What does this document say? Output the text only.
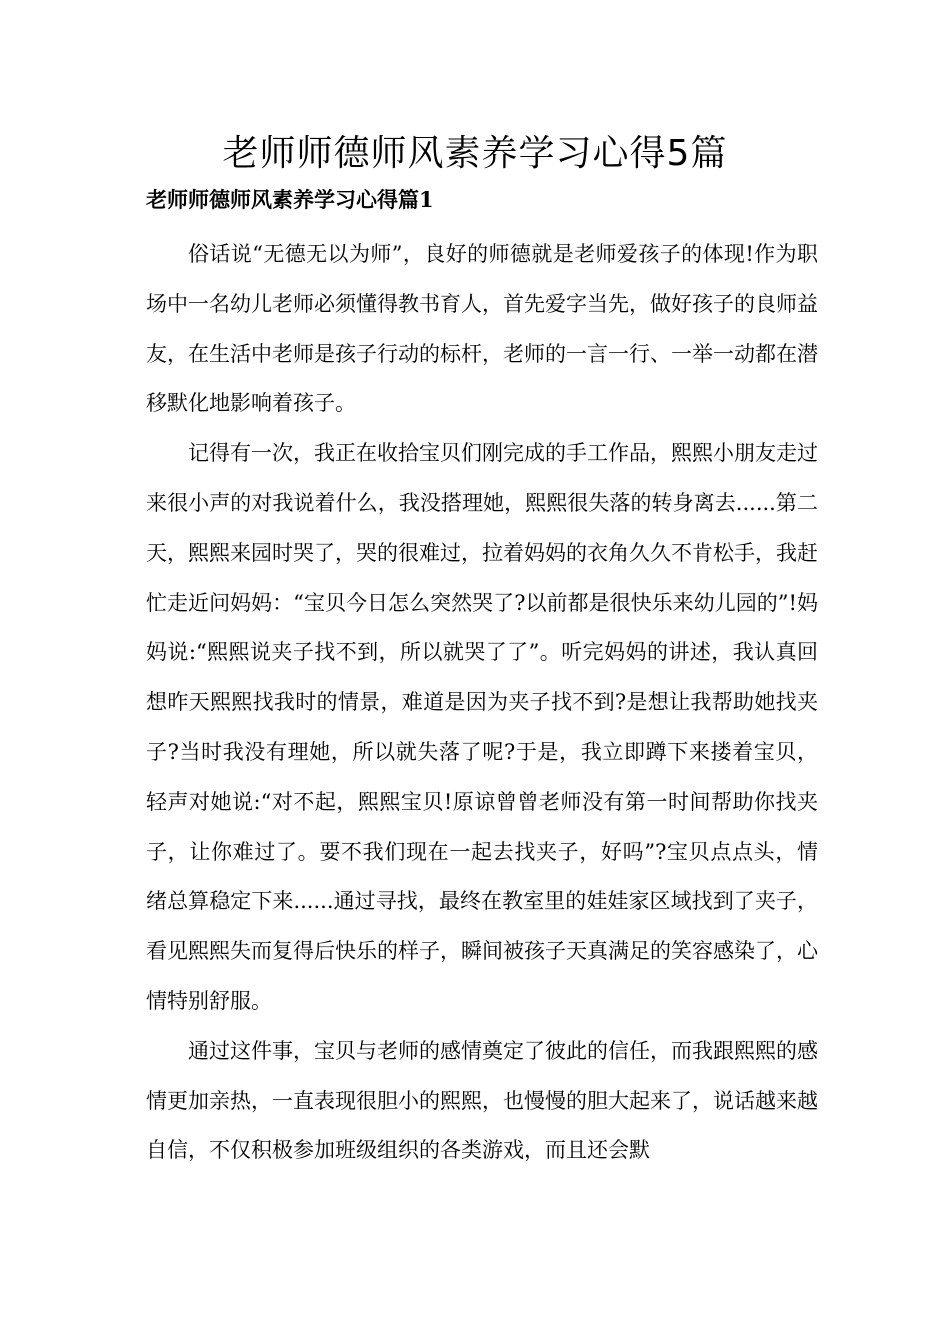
老师师德师风素养学习心得5篇
老师师德师风素养学习心得篇1

俗话说“无德无以为师”，良好的师德就是老师爱孩子的体现!作为职场中一名幼儿老师必须懂得教书育人，首先爱字当先，做好孩子的良师益友，在生活中老师是孩子行动的标杆，老师的一言一行、一举一动都在潜移默化地影响着孩子。

记得有一次，我正在收拾宝贝们刚完成的手工作品，熙熙小朋友走过来很小声的对我说着什么，我没搭理她，熙熙很失落的转身离去......第二天，熙熙来园时哭了，哭的很难过，拉着妈妈的衣角久久不肯松手，我赶忙走近问妈妈：“宝贝今日怎么突然哭了?以前都是很快乐来幼儿园的”!妈妈说:“熙熙说夹子找不到，所以就哭了了”。听完妈妈的讲述，我认真回想昨天熙熙找我时的情景，难道是因为夹子找不到?是想让我帮助她找夹子?当时我没有理她，所以就失落了呢?于是，我立即蹲下来搂着宝贝，轻声对她说:“对不起，熙熙宝贝!原谅曾曾老师没有第一时间帮助你找夹子，让你难过了。要不我们现在一起去找夹子，好吗”?宝贝点点头，情绪总算稳定下来......通过寻找，最终在教室里的娃娃家区域找到了夹子，看见熙熙失而复得后快乐的样子，瞬间被孩子天真满足的笑容感染了，心情特别舒服。

通过这件事，宝贝与老师的感情奠定了彼此的信任，而我跟熙熙的感情更加亲热，一直表现很胆小的熙熙，也慢慢的胆大起来了，说话越来越自信，不仅积极参加班级组织的各类游戏，而且还会默
